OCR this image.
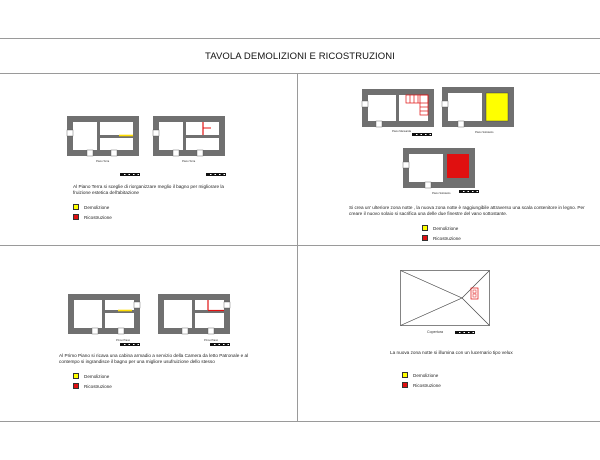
TAVOLA DEMOLIZIONI E RICOSTRUZIONI
Piano Terra	Piano Terra
Al Piano Terra si sceglie di riorganizzare meglio il bagno per migliorare la fruizione estetica dell'abitazione
Demolizione
Ricostruzione
Piano Mansarda	Piano Sottotetto
Piano Sottotetto
Si crea un' ulteriore zona notte , la nuova zona notte è raggiungibile attraverso una scala contenitore in legno. Per creare il nuovo solaio si sacrifica una delle due finestre del vano sottostante.
Demolizione
Ricostruzione
Primo Piano	Primo Piano
Al Primo Piano si ricava una cabina armadio a servizio della Camera da letto Patronale e al contempo si ingrandisce il bagno per una migliore usufruizione dello stesso
Demolizione
Ricostruzione
Copertura
La nuova zona notte si illumina con un lucernario tipo velux
Demolizione
Ricostruzione
